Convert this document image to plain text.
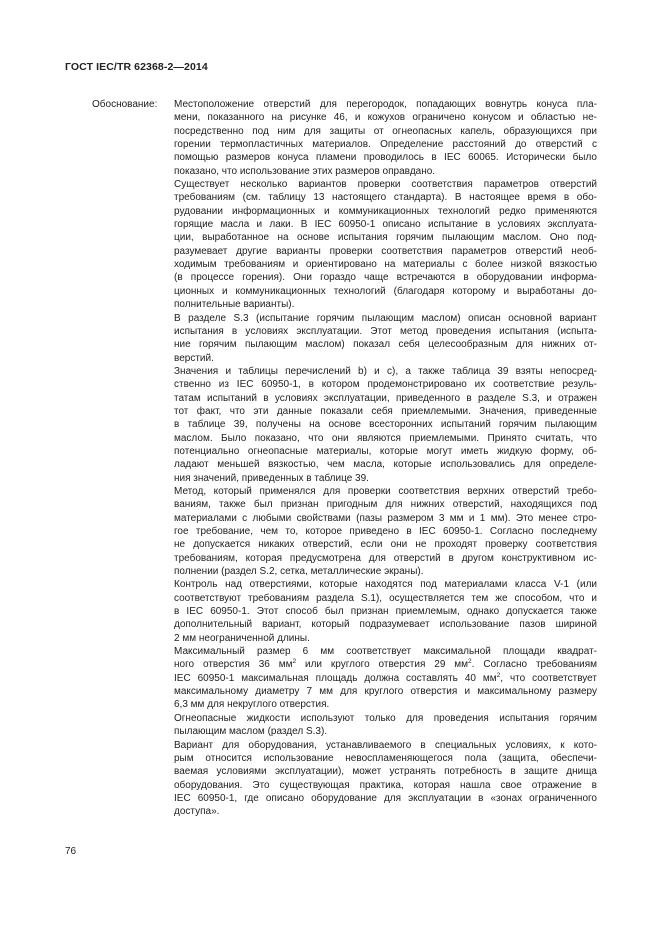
ГОСТ IEC/TR 62368-2—2014
Обоснование: Местоположение отверстий для перегородок, попадающих вовнутрь конуса пла-
мени, показанного на рисунке 46, и кожухов ограничено конусом и областью не-
посредственно под ним для защиты от огнеопасных капель, образующихся при
горении термопластичных материалов. Определение расстояний до отверстий с
помощью размеров конуса пламени проводилось в IEC 60065. Исторически было
показано, что использование этих размеров оправдано.

Существует несколько вариантов проверки соответствия параметров отверстий
требованиям (см. таблицу 13 настоящего стандарта). В настоящее время в обо-
рудовании информационных и коммуникационных технологий редко применяются
горящие масла и лаки. В IEC 60950-1 описано испытание в условиях эксплуата-
ции, выработанное на основе испытания горячим пылающим маслом. Оно под-
разумевает другие варианты проверки соответствия параметров отверстий необ-
ходимым требованиям и ориентировано на материалы с более низкой вязкостью
(в процессе горения). Они гораздо чаще встречаются в оборудовании информа-
ционных и коммуникационных технологий (благодаря которому и выработаны до-
полнительные варианты).

В разделе S.3 (испытание горячим пылающим маслом) описан основной вариант
испытания в условиях эксплуатации. Этот метод проведения испытания (испыта-
ние горячим пылающим маслом) показал себя целесообразным для нижних от-
верстий.

Значения и таблицы перечислений b) и c), а также таблица 39 взяты непосред-
ственно из IEC 60950-1, в котором продемонстрировано их соответствие резуль-
татам испытаний в условиях эксплуатации, приведенного в разделе S.3, и отражен
тот факт, что эти данные показали себя приемлемыми. Значения, приведенные
в таблице 39, получены на основе всесторонних испытаний горячим пылающим
маслом. Было показано, что они являются приемлемыми. Принято считать, что
потенциально огнеопасные материалы, которые могут иметь жидкую форму, об-
ладают меньшей вязкостью, чем масла, которые использовались для определе-
ния значений, приведенных в таблице 39.

Метод, который применялся для проверки соответствия верхних отверстий требо-
ваниям, также был признан пригодным для нижних отверстий, находящихся под
материалами с любыми свойствами (пазы размером 3 мм и 1 мм). Это менее стро-
гое требование, чем то, которое приведено в IEC 60950-1. Согласно последнему
не допускается никаких отверстий, если они не проходят проверку соответствия
требованиям, которая предусмотрена для отверстий в другом конструктивном ис-
полнении (раздел S.2, сетка, металлические экраны).

Контроль над отверстиями, которые находятся под материалами класса V-1 (или
соответствуют требованиям раздела S.1), осуществляется тем же способом, что и
в IEC 60950-1. Этот способ был признан приемлемым, однако допускается также
дополнительный вариант, который подразумевает использование пазов шириной
2 мм неограниченной длины.

Максимальный размер 6 мм соответствует максимальной площади квадрат-
ного отверстия 36 $мм^2$ или круглого отверстия 29 $мм^2$. Согласно требованиям
IEC 60950-1 максимальная площадь должна составлять 40 $мм^2$, что соответствует
максимальному диаметру 7 мм для круглого отверстия и максимальному размеру
6,3 мм для некруглого отверстия.

Огнеопасные жидкости используют только для проведения испытания горячим
пылающим маслом (раздел S.3).

Вариант для оборудования, устанавливаемого в специальных условиях, к кото-
рым относится использование невоспламеняющегося пола (защита, обеспечи-
ваемая условиями эксплуатации), может устранять потребность в защите днища
оборудования. Это существующая практика, которая нашла свое отражение в
IEC 60950-1, где описано оборудование для эксплуатации в «зонах ограниченного
доступа».

76
